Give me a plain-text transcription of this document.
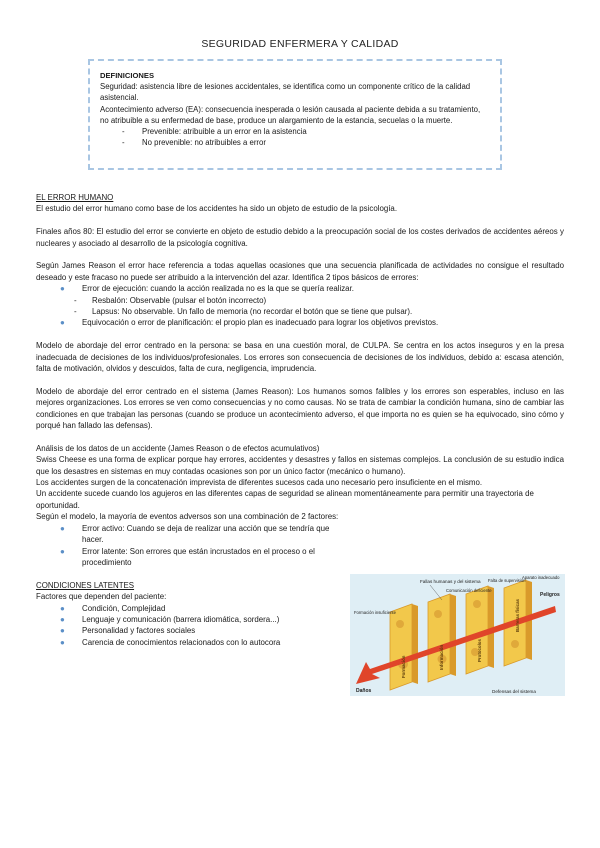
SEGURIDAD ENFERMERA Y CALIDAD
DEFINICIONES
Seguridad: asistencia libre de lesiones accidentales, se identifica como un componente crítico de la calidad asistencial.
Acontecimiento adverso (EA): consecuencia inesperada o lesión causada al paciente debida a su tratamiento, no atribuible a su enfermedad de base, produce un alargamiento de la estancia, secuelas o la muerte.
- Prevenible: atribuible a un error en la asistencia
- No prevenible: no atribuibles a error

EL ERROR HUMANO

El estudio del error humano como base de los accidentes ha sido un objeto de estudio de la psicología.

Finales años 80: El estudio del error se convierte en objeto de estudio debido a la preocupación social de los costes derivados de accidentes aéreos y nucleares y asociado al desarrollo de la psicología cognitiva.

Según James Reason el error hace referencia a todas aquellas ocasiones que una secuencia planificada de actividades no consigue el resultado deseado y este fracaso no puede ser atribuido a la intervención del azar. Identifica 2 tipos básicos de errores:

● Error de ejecución: cuando la acción realizada no es la que se quería realizar.
- Resbalón: Observable (pulsar el botón incorrecto)
- Lapsus: No observable. Un fallo de memoria (no recordar el botón que se tiene que pulsar).
● Equivocación o error de planificación: el propio plan es inadecuado para lograr los objetivos previstos.

Modelo de abordaje del error centrado en la persona: se basa en una cuestión moral, de CULPA. Se centra en los actos inseguros y en la presa inadecuada de decisiones de los individuos/profesionales. Los errores son consecuencia de decisiones de los individuos, debido a: escasa atención, falta de motivación, olvidos y descuidos, falta de cura, negligencia, imprudencia.

Modelo de abordaje del error centrado en el sistema (James Reason): Los humanos somos falibles y los errores son esperables, incluso en las mejores organizaciones. Los errores se ven como consecuencias y no como causas. No se trata de cambiar la condición humana, sino de cambiar las condiciones en que trabajan las personas (cuando se produce un acontecimiento adverso, el que importa no es quien se ha equivocado, sino cómo y porqué han fallado las defensas).

Análisis de los datos de un accidente (James Reason o de efectos acumulativos)

Swiss Cheese es una forma de explicar porque hay errores, accidentes y desastres y fallos en sistemas complejos. La conclusión de su estudio indica que los desastres en sistemas en muy contadas ocasiones son por un único factor (mecánico o humano).

Los accidentes surgen de la concatenación imprevista de diferentes sucesos cada uno necesario pero insuficiente en el mismo.

Un accidente sucede cuando los agujeros en las diferentes capas de seguridad se alinean momentáneamente para permitir una trayectoria de oportunidad.

Según el modelo, la mayoría de eventos adversos son una combinación de 2 factores:

● Error activo: Cuando se deja de realizar una acción que se tendría que hacer.
● Error latente: Son errores que están incrustados en el proceso o el procedimiento

CONDICIONES LATENTES

Factores que dependen del paciente:

● Condición, Complejidad
● Lenguaje y comunicación (barrera idiomática, sordera...)
● Personalidad y factores sociales
● Carencia de conocimientos relacionados con lo autocora
Fallas humanas y del sistema
Comunicación deficiente
Falta de supervisión
Aparato inadecuado
Peligros
Formación insuficiente
Daños	Defensas del sistema
Formación	Información	Protocolos
Barreras físicas
